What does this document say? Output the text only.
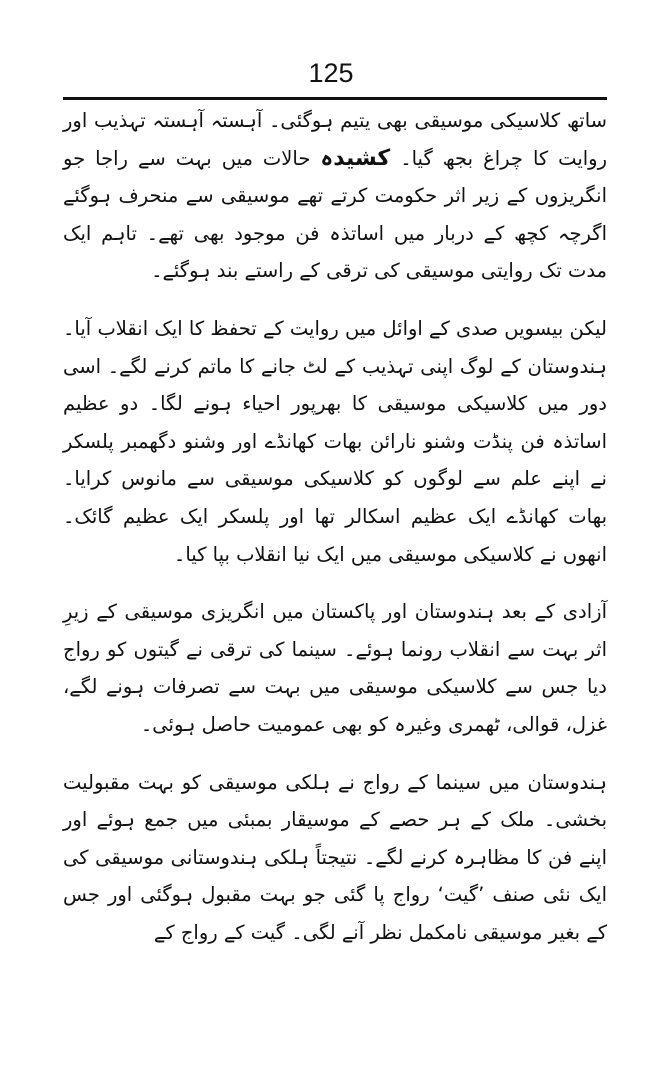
125

ساتھ کلاسیکی موسیقی بھی یتیم ہوگئی۔ آہستہ آہستہ تہذیب اور روایت کا چراغ بجھ گیا۔ کشیدہ حالات میں بہت سے راجا جو انگریزوں کے زیر اثر حکومت کرتے تھے موسیقی سے منحرف ہوگئے اگرچہ کچھ کے دربار میں اساتذہ فن موجود بھی تھے۔ تاہم ایک مدت تک روایتی موسیقی کی ترقی کے راستے بند ہوگئے۔

لیکن بیسویں صدی کے اوائل میں روایت کے تحفظ کا ایک انقلاب آیا۔ ہندوستان کے لوگ اپنی تہذیب کے لٹ جانے کا ماتم کرنے لگے۔ اسی دور میں کلاسیکی موسیقی کا بھرپور احیاء ہونے لگا۔ دو عظیم اساتذہ فن پنڈت وشنو نارائن بھات کھانڈے اور وشنو دگھمبر پلسکر نے اپنے علم سے لوگوں کو کلاسیکی موسیقی سے مانوس کرایا۔ بھات کھانڈے ایک عظیم اسکالر تھا اور پلسکر ایک عظیم گائک۔ انھوں نے کلاسیکی موسیقی میں ایک نیا انقلاب بپا کیا۔

آزادی کے بعد ہندوستان اور پاکستان میں انگریزی موسیقی کے زیرِ اثر بہت سے انقلاب رونما ہوئے۔ سینما کی ترقی نے گیتوں کو رواج دیا جس سے کلاسیکی موسیقی میں بہت سے تصرفات ہونے لگے، غزل، قوالی، ٹھمری وغیرہ کو بھی عمومیت حاصل ہوئی۔

ہندوستان میں سینما کے رواج نے ہلکی موسیقی کو بہت مقبولیت بخشی۔ ملک کے ہر حصے کے موسیقار بمبئی میں جمع ہوئے اور اپنے فن کا مظاہرہ کرنے لگے۔ نتیجتاً ہلکی ہندوستانی موسیقی کی ایک نئی صنف ’گیت‘ رواج پا گئی جو بہت مقبول ہوگئی اور جس کے بغیر موسیقی نامکمل نظر آنے لگی۔ گیت کے رواج کے
